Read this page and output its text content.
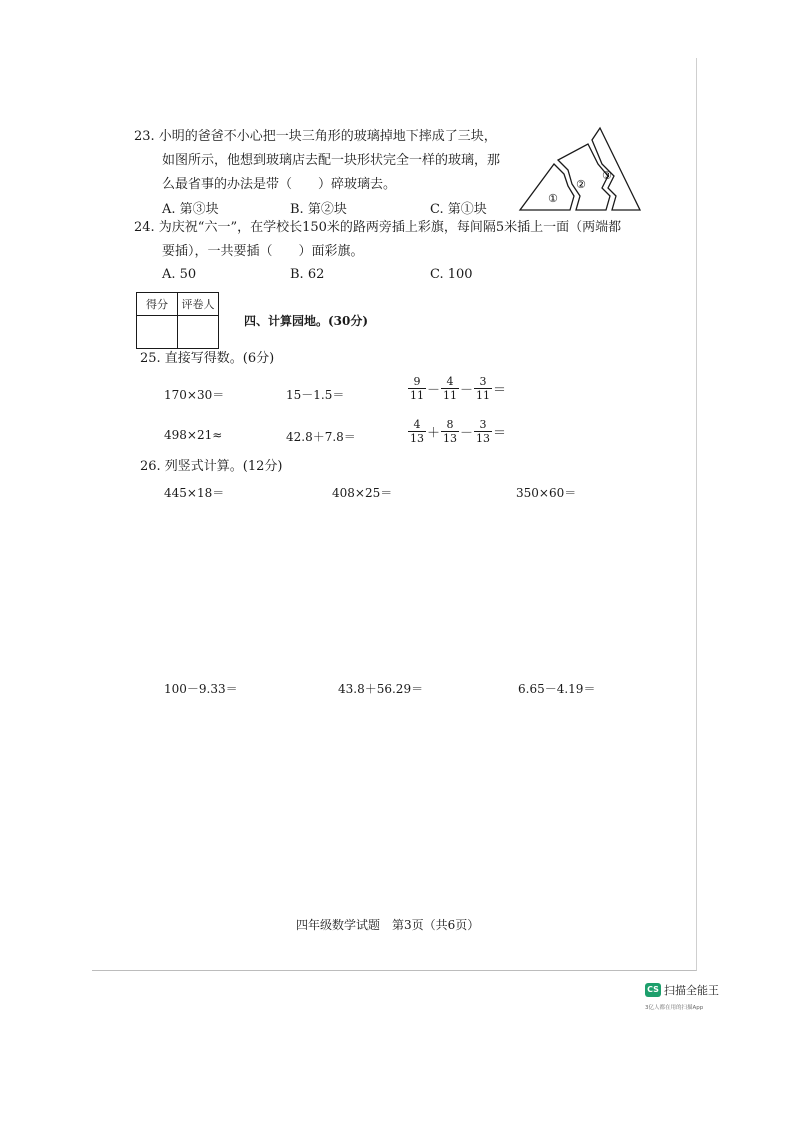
23. 小明的爸爸不小心把一块三角形的玻璃掉地下摔成了三块，
如图所示，他想到玻璃店去配一块形状完全一样的玻璃，那
么最省事的办法是带（　　）碎玻璃去。
A. 第③块	B. 第②块	C. 第①块
①
②
③
24. 为庆祝“六一”，在学校长150米的路两旁插上彩旗，每间隔5米插上一面（两端都
要插），一共要插（　　）面彩旗。
A. 50	B. 62	C. 100
得分	评卷人

四、计算园地。(30分)
25. 直接写得数。(6分)
170×30＝	15－1.5＝	$\frac{9}{11} - \frac{4}{11} - \frac{3}{11}$ ＝
498×21≈	42.8＋7.8＝	$\frac{4}{13} + \frac{8}{13} - \frac{3}{13}$ ＝
26. 列竖式计算。(12分)
445×18＝	408×25＝	350×60＝
100－9.33＝	43.8＋56.29＝	6.65－4.19＝
四年级数学试题　第3页（共6页）
CS 扫描全能王
3亿人都在用的扫描App
